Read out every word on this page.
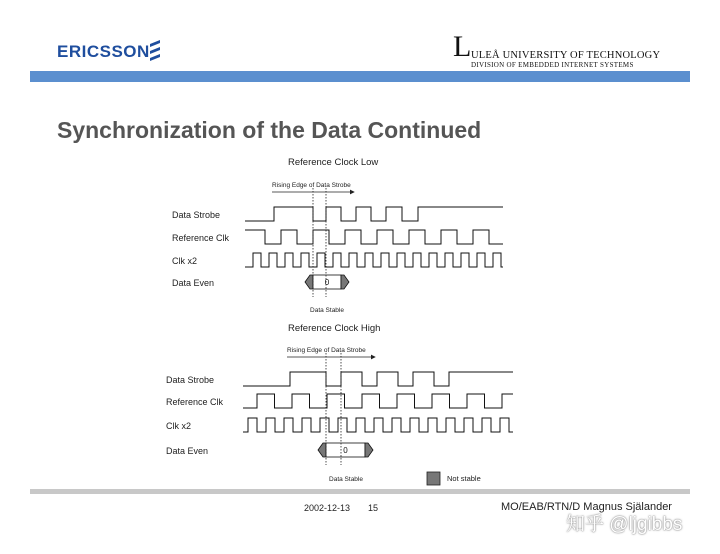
ERICSSON	L ULEÅ UNIVERSITY OF TECHNOLOGY
DIVISION OF EMBEDDED INTERNET SYSTEMS
Synchronization of the Data Continued
Reference Clock Low
Rising Edge of Data Strobe
Data Strobe
Reference Clk
Clk x2
Data Even	0
Data Stable
Reference Clock High
Rising Edge of Data Strobe
Data Strobe
Reference Clk
Clk x2
Data Even	0
Data Stable	Not stable
2002-12-13 15	MO/EAB/RTN/D Magnus Själander
知乎 @ljgibbs
